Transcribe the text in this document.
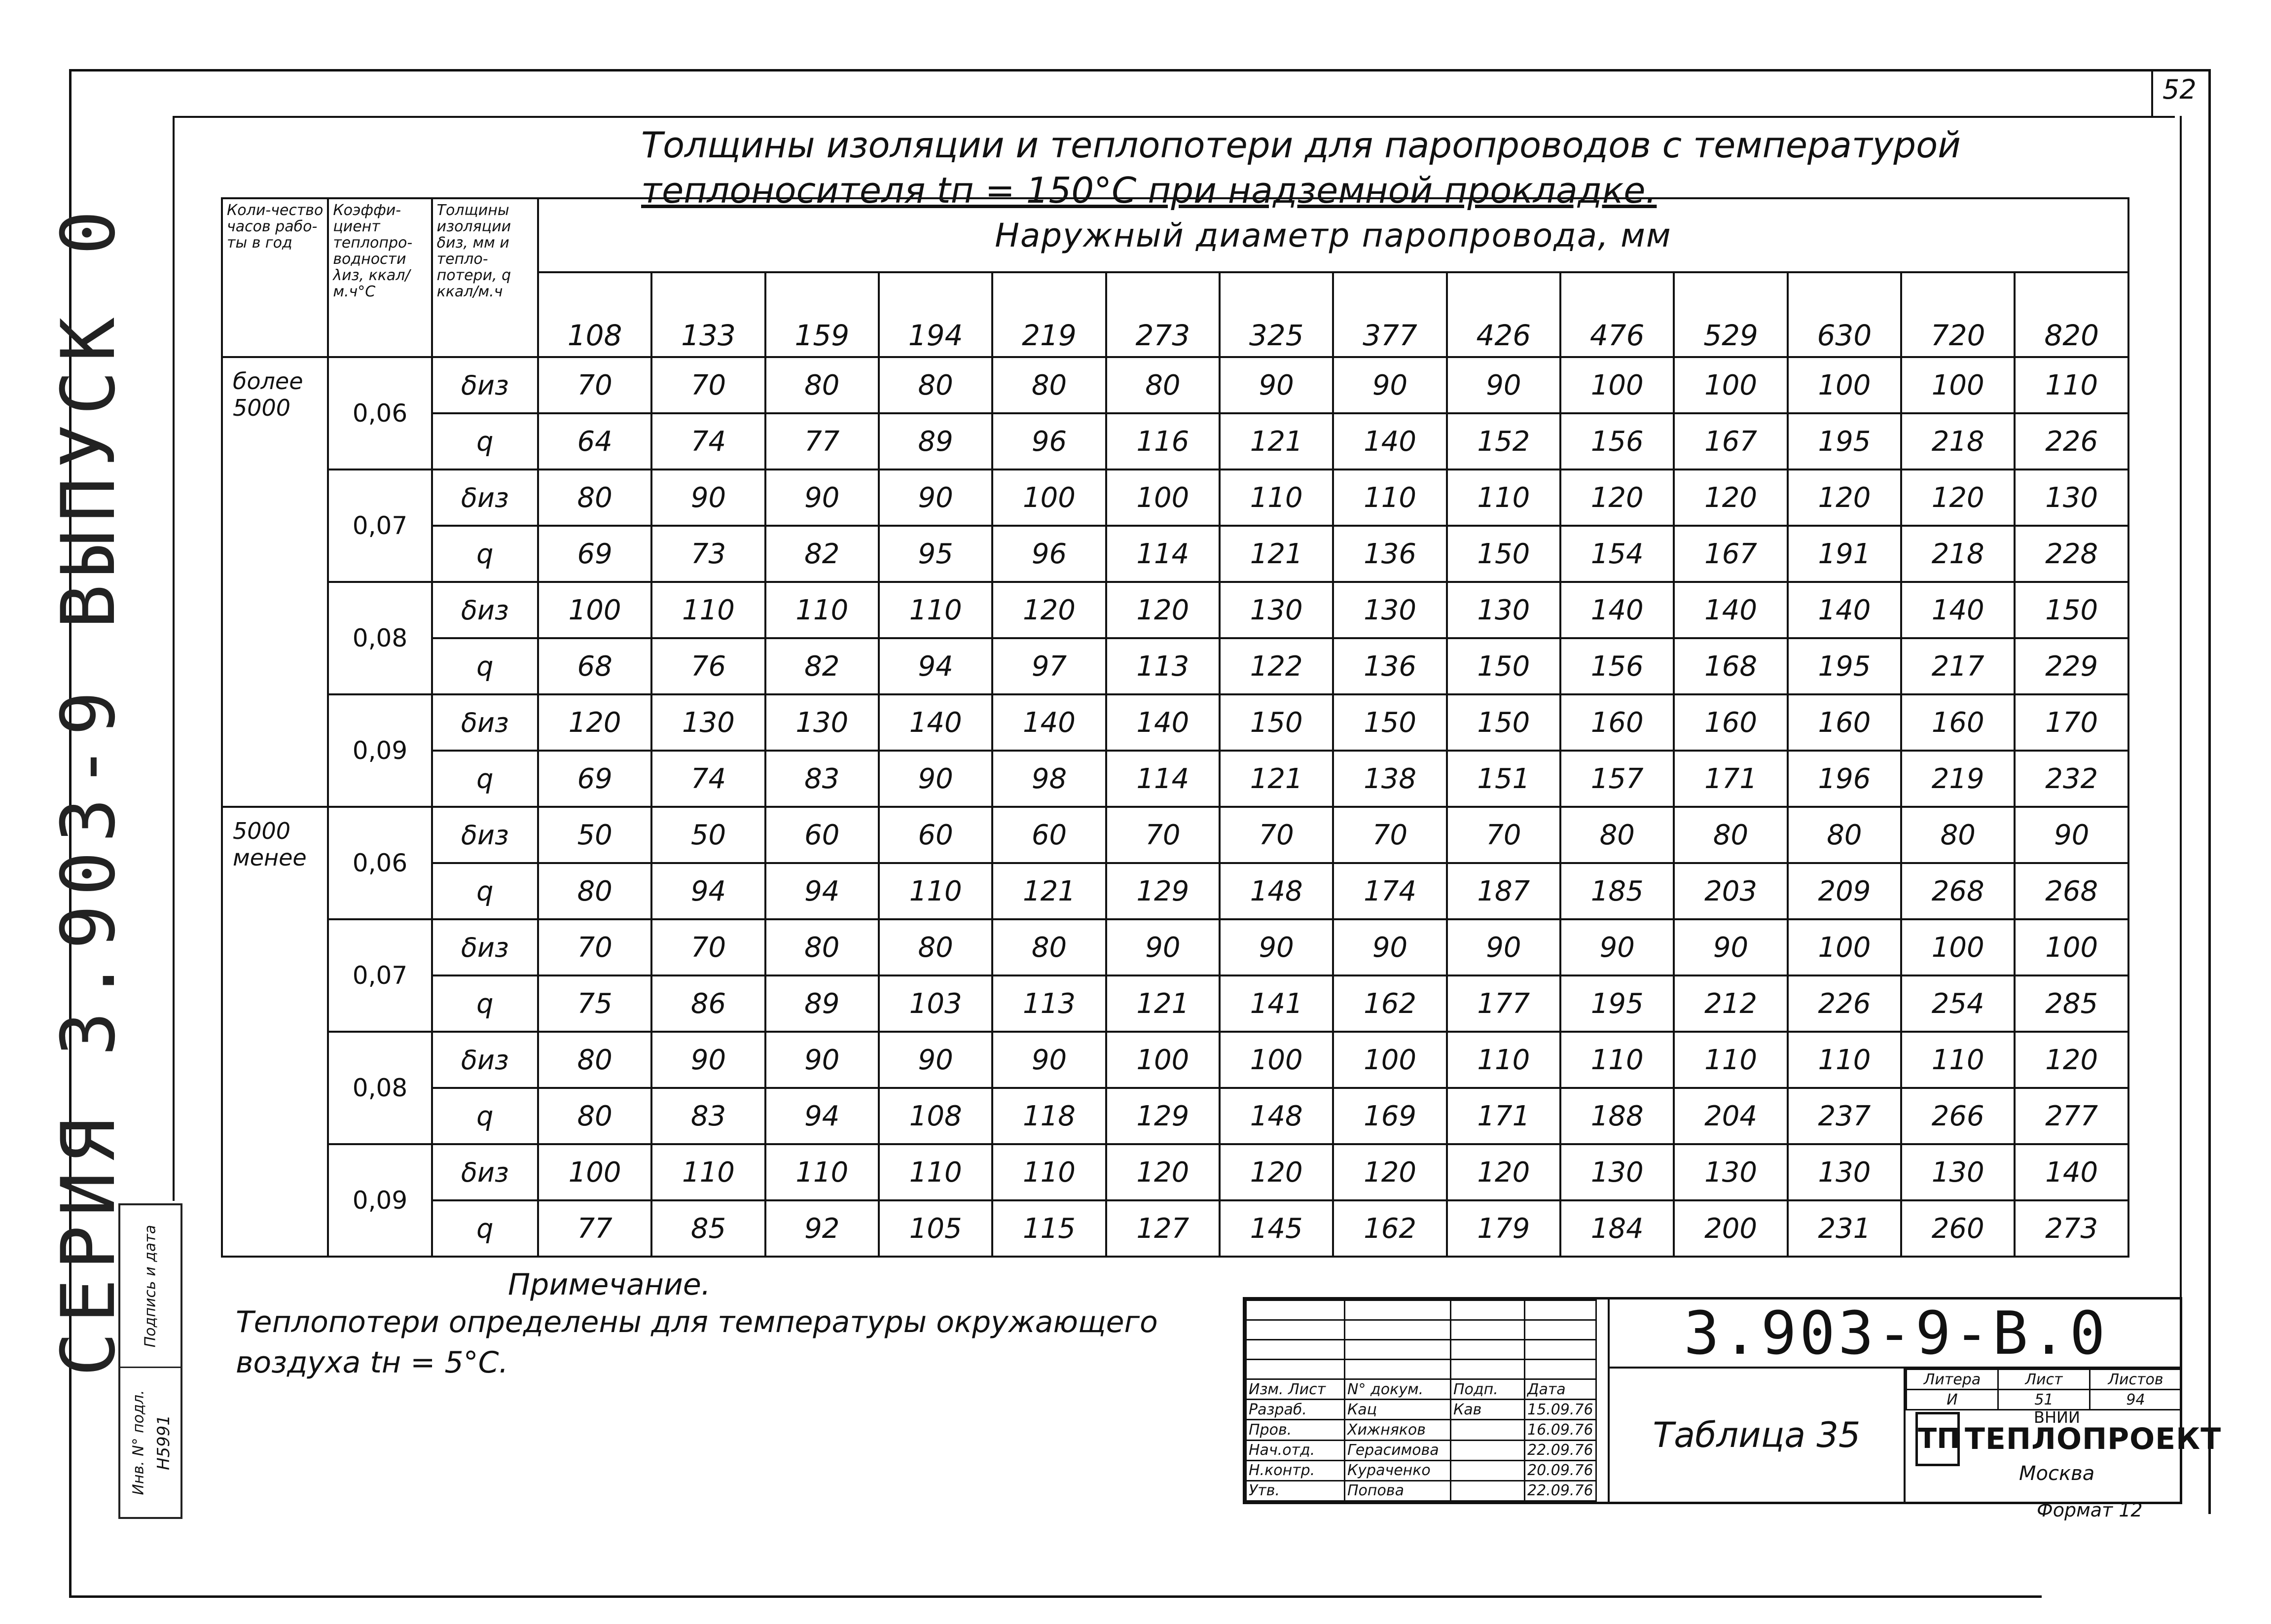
52
СЕРИЯ 3.903-9 ВЫПУСК 0 Подпись и дата
Инв. N° подл. H5991
Толщины изоляции и теплопотери для паропроводов с температурой
теплоносителя tп = 150°C при надземной прокладке.
Коли-чество часов рабо-ты в год	Коэффи-циент теплопро-водности λиз, ккал/м.ч°С	Толщины изоляции δиз, мм и тепло-потери, q ккал/м.ч	Наружный диаметр паропровода, мм													
			108	133	159	194	219	273	325	377	426	476	529	630	720	820
более 5000	0,06	δиз	70	70	80	80	80	80	90	90	90	100	100	100	100	110
		q	64	74	77	89	96	116	121	140	152	156	167	195	218	226
	0,07	δиз	80	90	90	90	100	100	110	110	110	120	120	120	120	130
		q	69	73	82	95	96	114	121	136	150	154	167	191	218	228
	0,08	δиз	100	110	110	110	120	120	130	130	130	140	140	140	140	150
		q	68	76	82	94	97	113	122	136	150	156	168	195	217	229
	0,09	δиз	120	130	130	140	140	140	150	150	150	160	160	160	160	170
		q	69	74	83	90	98	114	121	138	151	157	171	196	219	232
5000 менее	0,06	δиз	50	50	60	60	60	70	70	70	70	80	80	80	80	90
		q	80	94	94	110	121	129	148	174	187	185	203	209	268	268
	0,07	δиз	70	70	80	80	80	90	90	90	90	90	90	100	100	100
		q	75	86	89	103	113	121	141	162	177	195	212	226	254	285
	0,08	δиз	80	90	90	90	90	100	100	100	110	110	110	110	110	120
		q	80	83	94	108	118	129	148	169	171	188	204	237	266	277
	0,09	δиз	100	110	110	110	110	120	120	120	120	130	130	130	130	140
		q	77	85	92	105	115	127	145	162	179	184	200	231	260	273
Примечание.
Теплопотери определены для температуры окружающего воздуха tн = 5°C.

Изм. Лист	N° докум.	Подп.	Дата
Разраб.	Кац	Кав	15.09.76
Пров.	Хижняков		16.09.76
Нач.отд.	Герасимова		22.09.76
Н.контр.	Кураченко		20.09.76
Утв.	Попова		22.09.76
3.903-9-В.0
Таблица 35
Литера	Лист	Листов
И	51	94
ТП
ВНИИ
ТЕПЛОПРОЕКТ
Москва
Формат 12
